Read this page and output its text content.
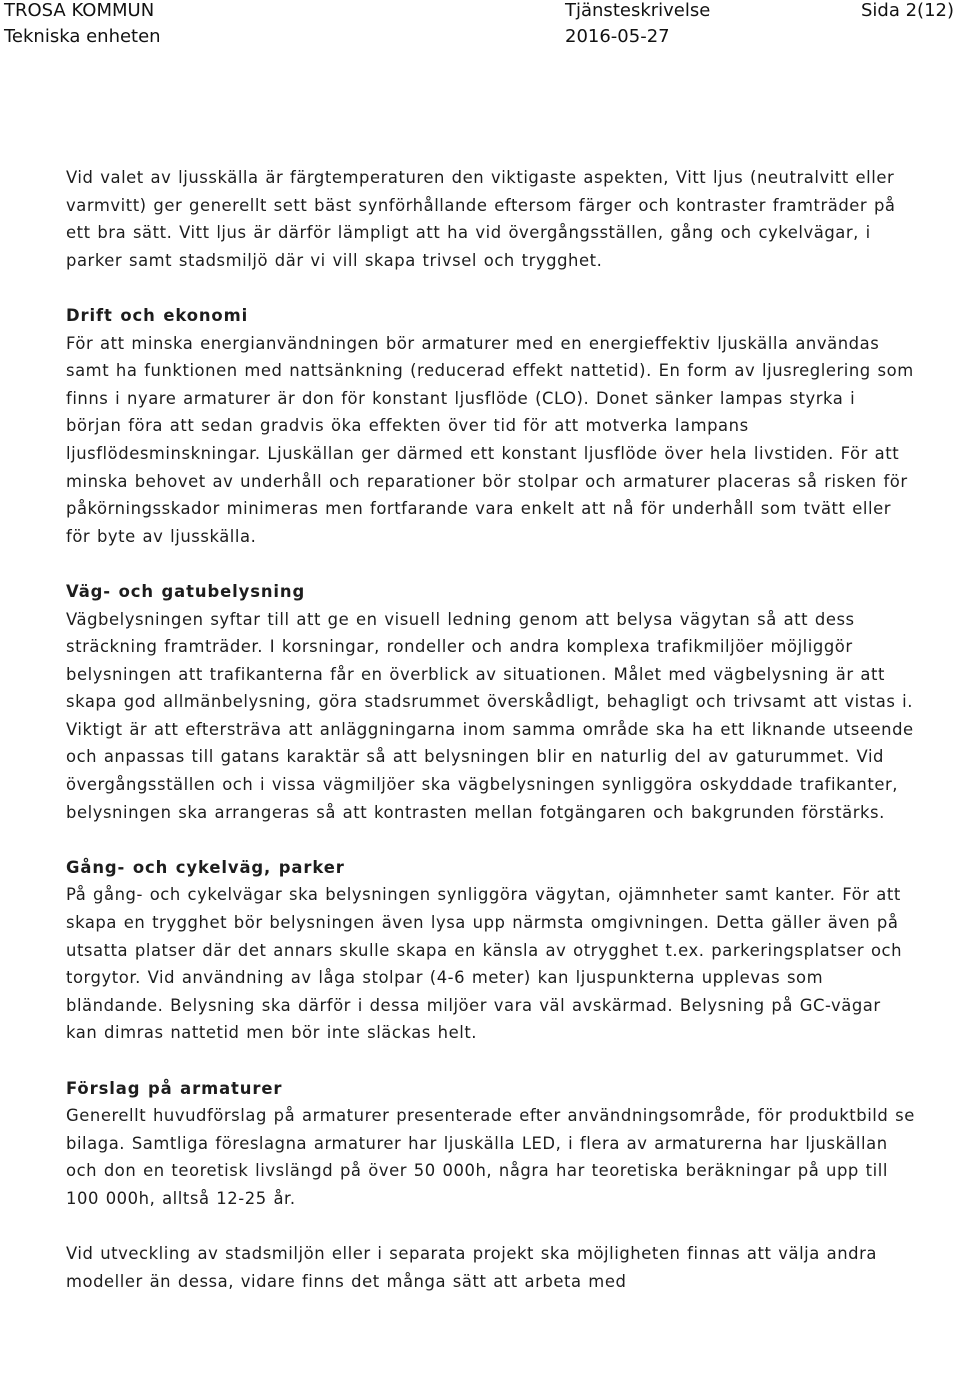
TROSA KOMMUN
Tekniska enheten
Tjänsteskrivelse
2016-05-27
Sida 2(12)

Vid valet av ljusskälla är färgtemperaturen den viktigaste aspekten, Vitt ljus (neutralvitt eller varmvitt) ger generellt sett bäst synförhållande eftersom färger och kontraster framträder på ett bra sätt. Vitt ljus är därför lämpligt att ha vid övergångsställen, gång och cykelvägar, i parker samt stadsmiljö där vi vill skapa trivsel och trygghet.

Drift och ekonomi

För att minska energianvändningen bör armaturer med en energieffektiv ljuskälla användas samt ha funktionen med nattsänkning (reducerad effekt nattetid). En form av ljusreglering som finns i nyare armaturer är don för konstant ljusflöde (CLO). Donet sänker lampas styrka i början föra att sedan gradvis öka effekten över tid för att motverka lampans ljusflödesminskningar. Ljuskällan ger därmed ett konstant ljusflöde över hela livstiden. För att minska behovet av underhåll och reparationer bör stolpar och armaturer placeras så risken för påkörningsskador minimeras men fortfarande vara enkelt att nå för underhåll som tvätt eller för byte av ljusskälla.

Väg- och gatubelysning

Vägbelysningen syftar till att ge en visuell ledning genom att belysa vägytan så att dess sträckning framträder. I korsningar, rondeller och andra komplexa trafikmiljöer möjliggör belysningen att trafikanterna får en överblick av situationen. Målet med vägbelysning är att skapa god allmänbelysning, göra stadsrummet överskådligt, behagligt och trivsamt att vistas i. Viktigt är att eftersträva att anläggningarna inom samma område ska ha ett liknande utseende och anpassas till gatans karaktär så att belysningen blir en naturlig del av gaturummet. Vid övergångsställen och i vissa vägmiljöer ska vägbelysningen synliggöra oskyddade trafikanter, belysningen ska arrangeras så att kontrasten mellan fotgängaren och bakgrunden förstärks.

Gång- och cykelväg, parker

På gång- och cykelvägar ska belysningen synliggöra vägytan, ojämnheter samt kanter. För att skapa en trygghet bör belysningen även lysa upp närmsta omgivningen. Detta gäller även på utsatta platser där det annars skulle skapa en känsla av otrygghet t.ex. parkeringsplatser och torgytor. Vid användning av låga stolpar (4-6 meter) kan ljuspunkterna upplevas som bländande. Belysning ska därför i dessa miljöer vara väl avskärmad. Belysning på GC-vägar kan dimras nattetid men bör inte släckas helt.

Förslag på armaturer

Generellt huvudförslag på armaturer presenterade efter användningsområde, för produktbild se bilaga. Samtliga föreslagna armaturer har ljuskälla LED, i flera av armaturerna har ljuskällan och don en teoretisk livslängd på över 50 000h, några har teoretiska beräkningar på upp till 100 000h, alltså 12-25 år.

Vid utveckling av stadsmiljön eller i separata projekt ska möjligheten finnas att välja andra modeller än dessa, vidare finns det många sätt att arbeta med
